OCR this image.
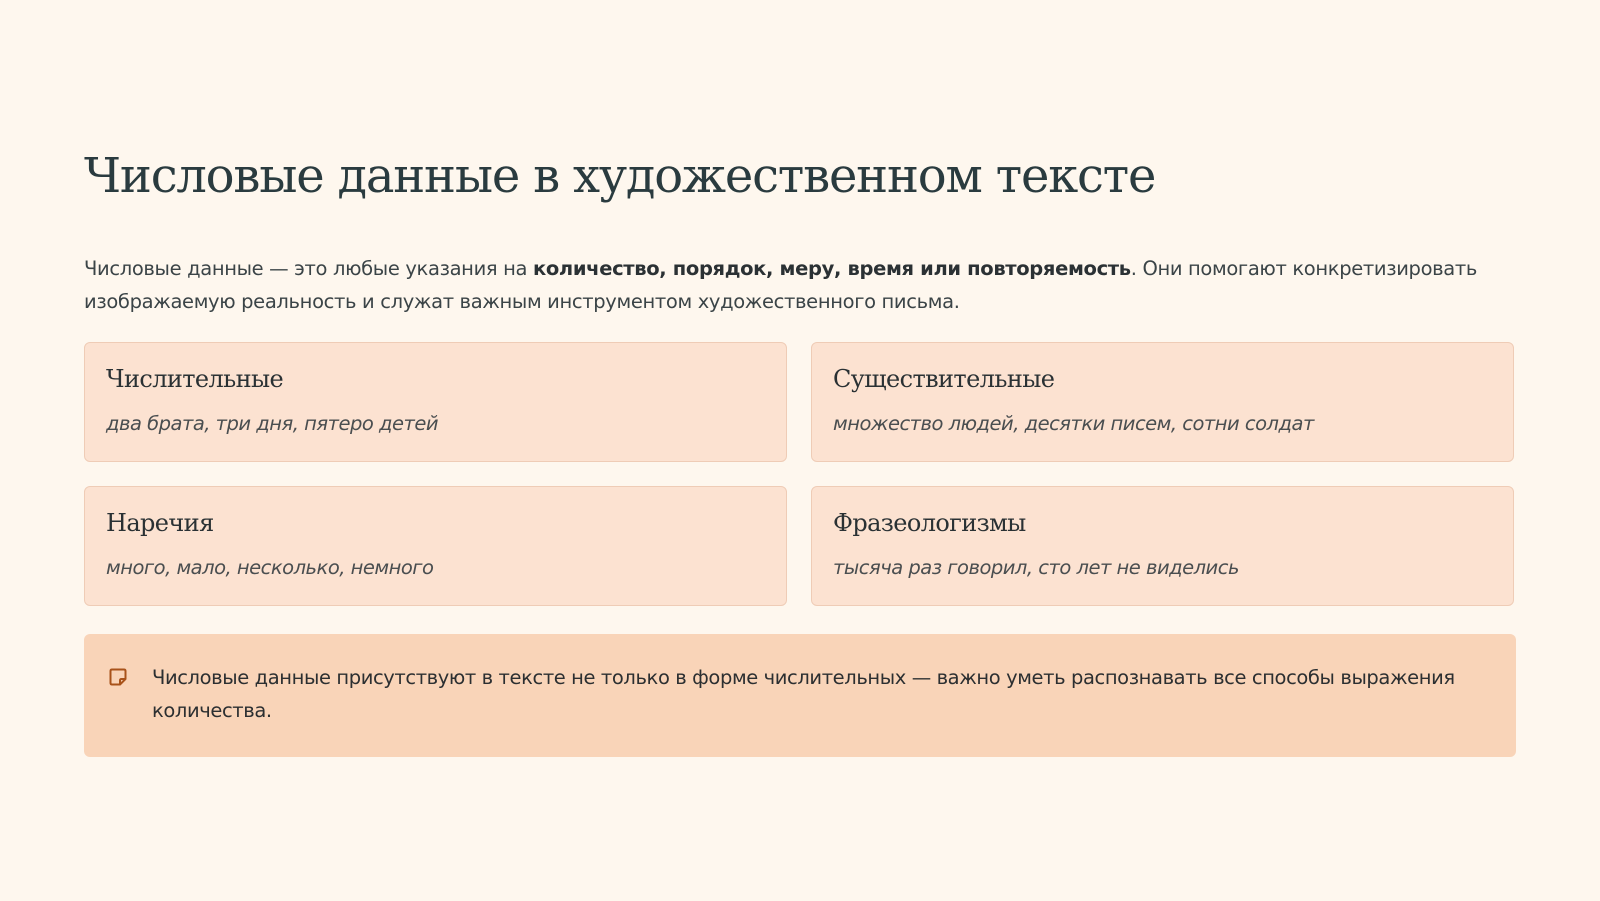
Числовые данные в художественном тексте

Числовые данные — это любые указания на количество, порядок, меру, время или повторяемость. Они помогают конкретизировать изображаемую реальность и служат важным инструментом художественного письма.

Числительные

два брата, три дня, пятеро детей

Существительные

множество людей, десятки писем, сотни солдат

Наречия

много, мало, несколько, немного

Фразеологизмы

тысяча раз говорил, сто лет не виделись

Числовые данные присутствуют в тексте не только в форме числительных — важно уметь распознавать все способы выражения количества.
